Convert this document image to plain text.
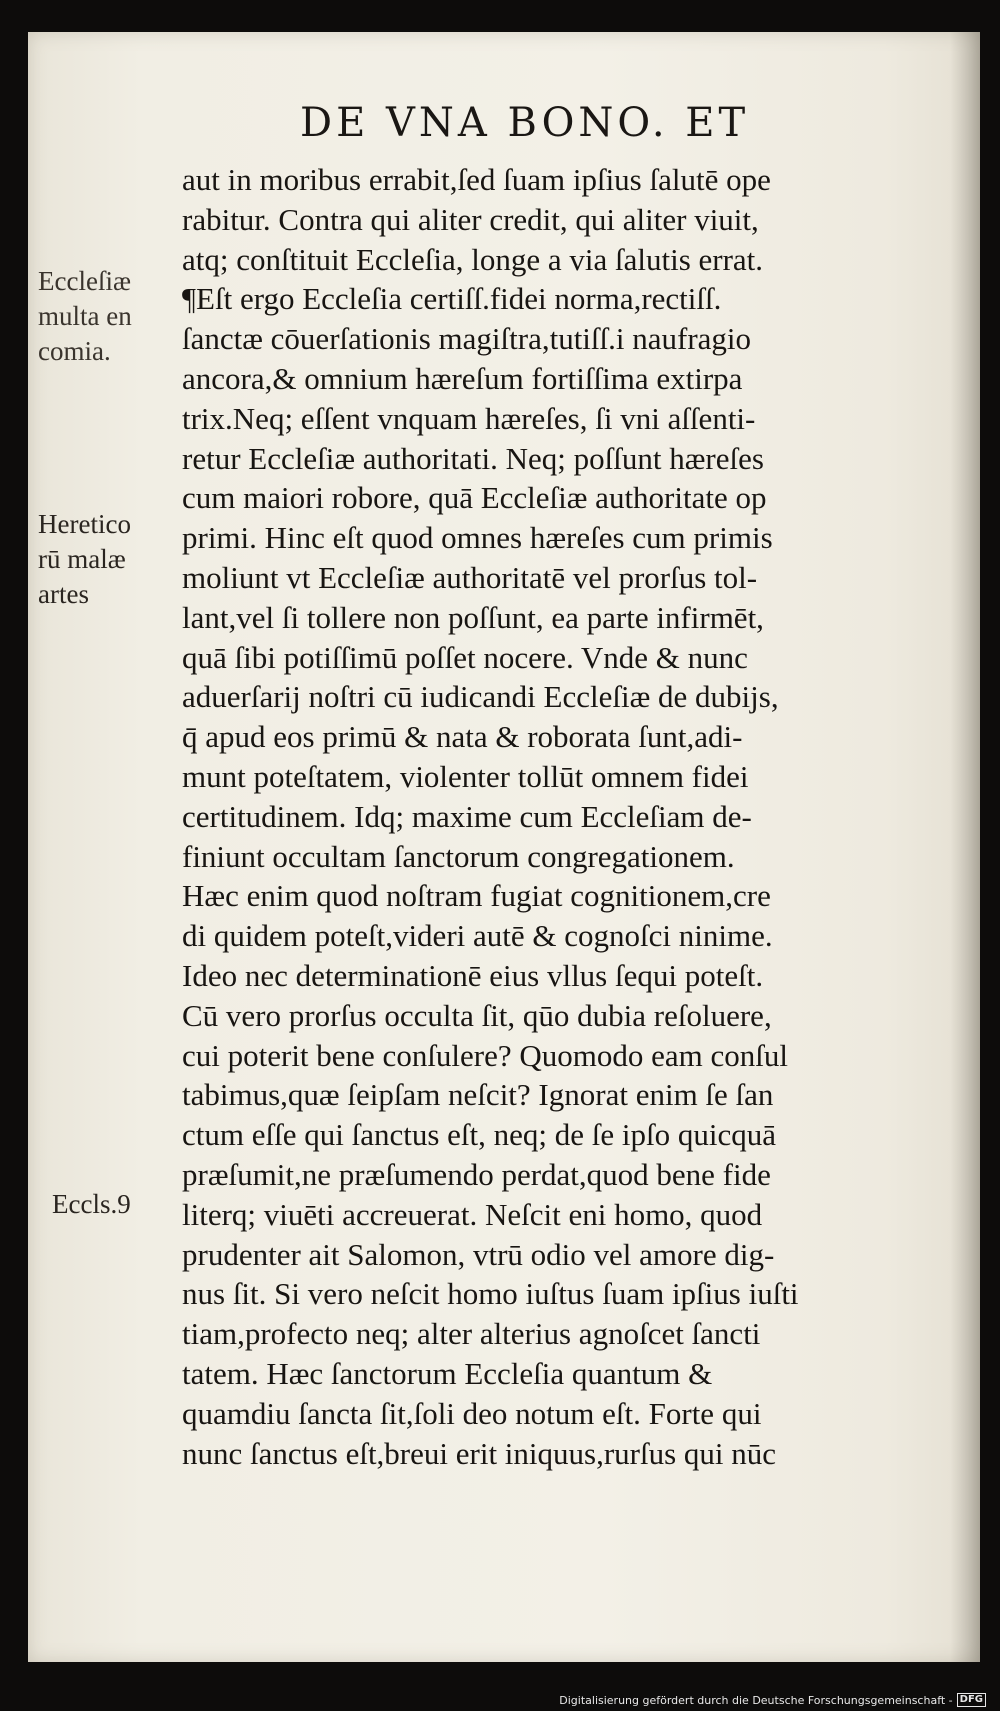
DE VNA BONO. ET
aut in moribus errabit,ſed ſuam ipſius ſalutē ope
rabitur. Contra qui aliter credit, qui aliter viuit,
atq; conſtituit Eccleſia, longe a via ſalutis errat.
¶Eſt ergo Eccleſia certiſſ.fidei norma,rectiſſ.
ſanctæ cōuerſationis magiſtra,tutiſſ.i naufragio
ancora,& omnium hæreſum fortiſſima extirpa
trix.Neq; eſſent vnquam hæreſes, ſi vni aſſenti-
retur Eccleſiæ authoritati. Neq; poſſunt hæreſes
cum maiori robore, quā Eccleſiæ authoritate op
primi. Hinc eſt quod omnes hæreſes cum primis
moliunt vt Eccleſiæ authoritatē vel prorſus tol-
lant,vel ſi tollere non poſſunt, ea parte infirmēt,
quā ſibi potiſſimū poſſet nocere. Vnde & nunc
aduerſarij noſtri cū iudicandi Eccleſiæ de dubijs,
q̄ apud eos primū & nata & roborata ſunt,adi-
munt poteſtatem, violenter tollūt omnem fidei
certitudinem. Idq; maxime cum Eccleſiam de-
finiunt occultam ſanctorum congregationem.
Hæc enim quod noſtram fugiat cognitionem,cre
di quidem poteſt,videri autē & cognoſci ninime.
Ideo nec determinationē eius vllus ſequi poteſt.
Cū vero prorſus occulta ſit, qūo dubia reſoluere,
cui poterit bene conſulere? Quomodo eam conſul
tabimus,quæ ſeipſam neſcit? Ignorat enim ſe ſan
ctum eſſe qui ſanctus eſt, neq; de ſe ipſo quicquā
præſumit,ne præſumendo perdat,quod bene fide
literq; viuēti accreuerat. Neſcit eni homo, quod
prudenter ait Salomon, vtrū odio vel amore dig-
nus ſit. Si vero neſcit homo iuſtus ſuam ipſius iuſti
tiam,profecto neq; alter alterius agnoſcet ſancti
tatem. Hæc ſanctorum Eccleſia quantum &
quamdiu ſancta ſit,ſoli deo notum eſt. Forte qui
nunc ſanctus eſt,breui erit iniquus,rurſus qui nūc
Eccleſiæ
multa en
comia.
Heretico
rū malæ
artes
Eccls.9
Digitalisierung gefördert durch die Deutsche Forschungsgemeinschaft - DFG
